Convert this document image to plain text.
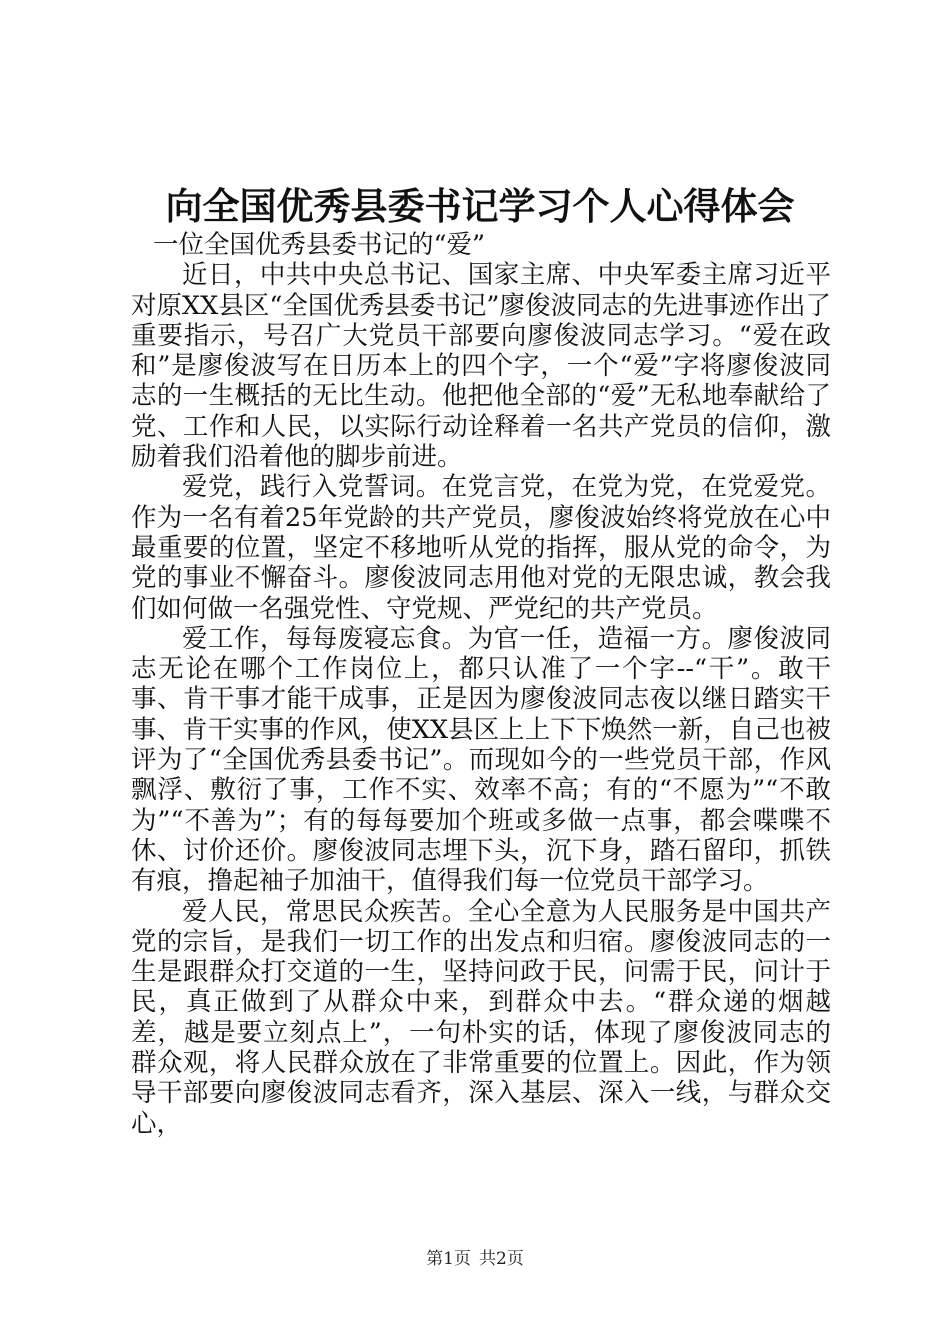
向全国优秀县委书记学习个人心得体会

一位全国优秀县委书记的“爱”

近日，中共中央总书记、国家主席、中央军委主席习近平对原XX县区“全国优秀县委书记”廖俊波同志的先进事迹作出了重要指示，号召广大党员干部要向廖俊波同志学习。“爱在政和”是廖俊波写在日历本上的四个字，一个“爱”字将廖俊波同志的一生概括的无比生动。他把他全部的“爱”无私地奉献给了党、工作和人民，以实际行动诠释着一名共产党员的信仰，激励着我们沿着他的脚步前进。

爱党，践行入党誓词。在党言党，在党为党，在党爱党。作为一名有着25年党龄的共产党员，廖俊波始终将党放在心中最重要的位置，坚定不移地听从党的指挥，服从党的命令，为党的事业不懈奋斗。廖俊波同志用他对党的无限忠诚，教会我们如何做一名强党性、守党规、严党纪的共产党员。

爱工作，每每废寝忘食。为官一任，造福一方。廖俊波同志无论在哪个工作岗位上，都只认准了一个字--“干”。敢干事、肯干事才能干成事，正是因为廖俊波同志夜以继日踏实干事、肯干实事的作风，使XX县区上上下下焕然一新，自己也被评为了“全国优秀县委书记”。而现如今的一些党员干部，作风飘浮、敷衍了事，工作不实、效率不高；有的“不愿为”“不敢为”“不善为”；有的每每要加个班或多做一点事，都会喋喋不休、讨价还价。廖俊波同志埋下头，沉下身，踏石留印，抓铁有痕，撸起袖子加油干，值得我们每一位党员干部学习。

爱人民，常思民众疾苦。全心全意为人民服务是中国共产党的宗旨，是我们一切工作的出发点和归宿。廖俊波同志的一生是跟群众打交道的一生，坚持问政于民，问需于民，问计于民，真正做到了从群众中来，到群众中去。“群众递的烟越差，越是要立刻点上”，一句朴实的话，体现了廖俊波同志的群众观，将人民群众放在了非常重要的位置上。因此，作为领导干部要向廖俊波同志看齐，深入基层、深入一线，与群众交心，

第1页 共2页
